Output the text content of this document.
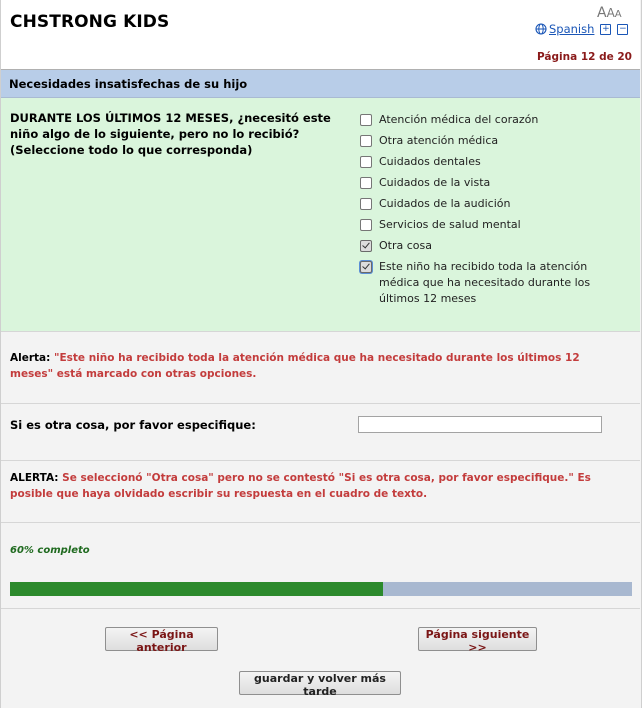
CHSTRONG KIDS	AAA
Spanish + −
Página 12 de 20
Necesidades insatisfechas de su hijo
DURANTE LOS ÚLTIMOS 12 MESES, ¿necesitó este niño algo de lo siguiente, pero no lo recibió? (Seleccione todo lo que corresponda)
Atención médica del corazón
Otra atención médica
Cuidados dentales
Cuidados de la vista
Cuidados de la audición
Servicios de salud mental
Otra cosa
Este niño ha recibido toda la atención médica que ha necesitado durante los últimos 12 meses

Alerta: "Este niño ha recibido toda la atención médica que ha necesitado durante los últimos 12 meses" está marcado con otras opciones.

Si es otra cosa, por favor especifique:

ALERTA: Se seleccionó "Otra cosa" pero no se contestó "Si es otra cosa, por favor especifique." Es posible que haya olvidado escribir su respuesta en el cuadro de texto.

60% completo
<< Página anterior
Página siguiente >>
guardar y volver más tarde
